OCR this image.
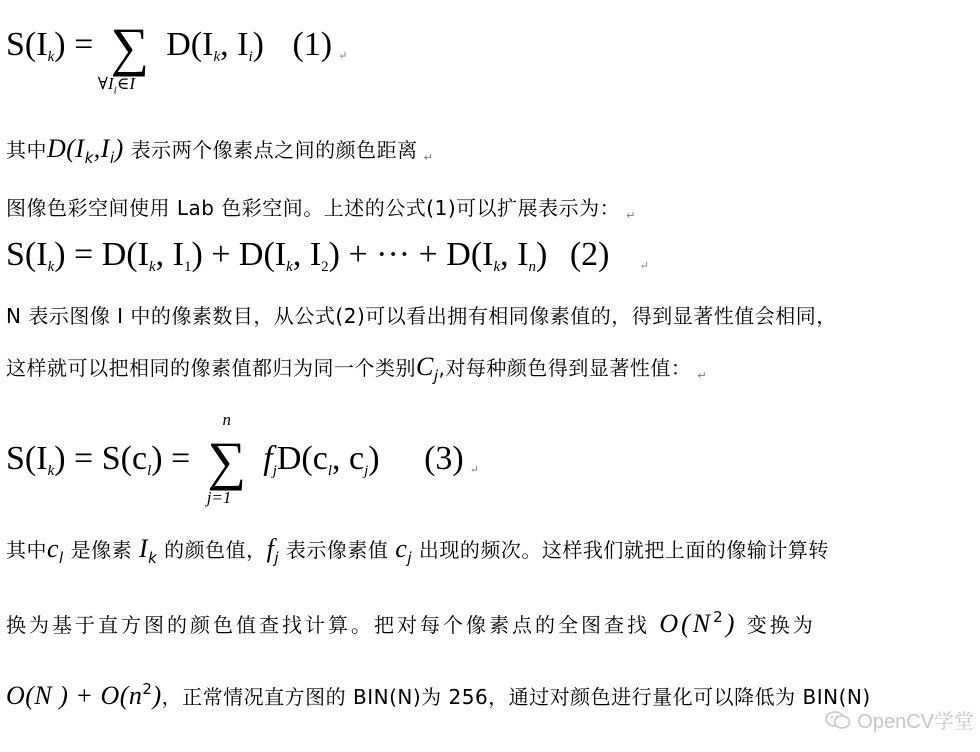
$S(I_k)$ = ∑
$\forall I_i\in I$
$D(I_k$, $I_i$) (1) ↵
其中$D(I_k,I_i)$ 表示两个像素点之间的颜色距离 $_↵$
图像色彩空间使用 Lab 色彩空间。上述的公式(1)可以扩展表示为： $_↵$
$S(I_k) = D(I_k$, $I_1) + D(I_k$, $I_2$) + ··· + $D(I_k$, $I_n$) (2)	↵
N 表示图像 I 中的像素数目，从公式(2)可以看出拥有相同像素值的，得到显著性值会相同，
这样就可以把相同的像素值都归为同一个类别$C_j$,对每种颜色得到显著性值： $_↵$
$S(I_k) = S(c_l)$ =
n
∑
j=1
$f_jD(c_l$, $c_j$) (3) ↵
其中$c_l$ 是像素 $I_k$ 的颜色值，$f_j$ 表示像素值 $c_j$ 出现的频次。这样我们就把上面的像输计算转
换为基于直方图的颜色值查找计算。把对每个像素点的全图查找 $O(N^2)$ 变换为
O(N ) + $O(n^2)$，正常情况直方图的 BIN(N)为 256，通过对颜色进行量化可以降低为 BIN(N)
OpenCV学堂
